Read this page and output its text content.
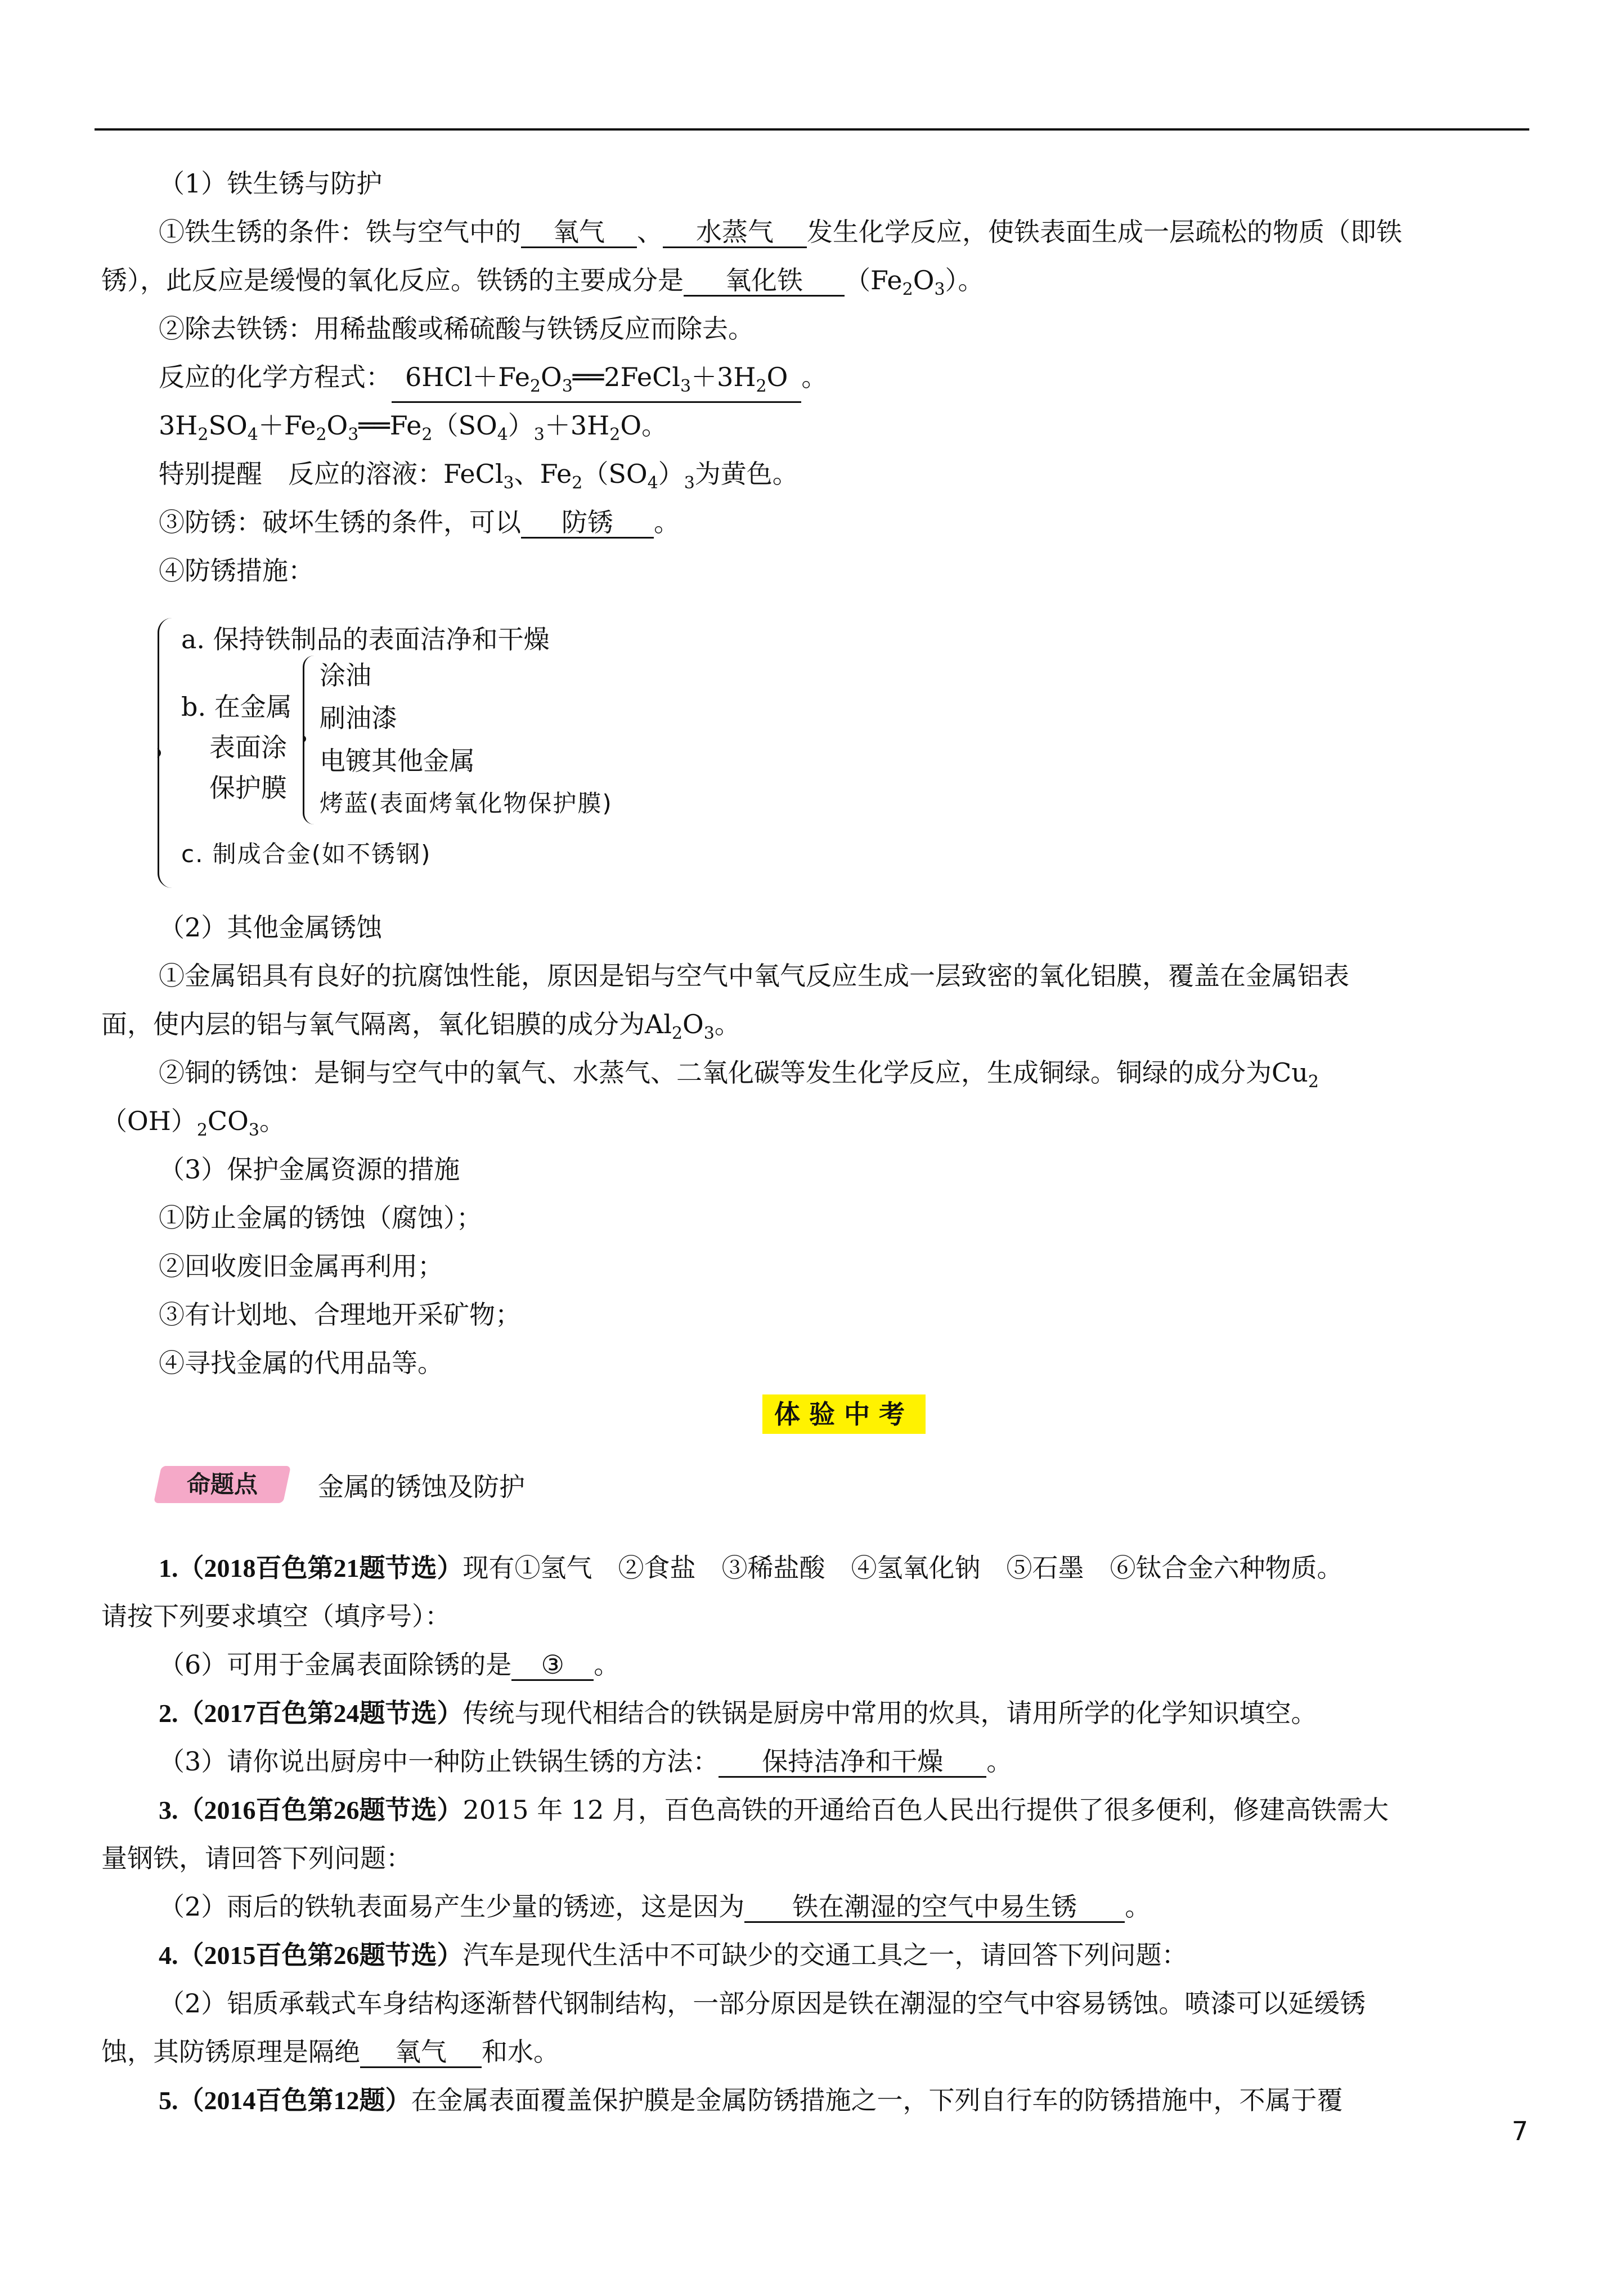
（1）铁生锈与防护
①铁生锈的条件：铁与空气中的 氧气 、 水蒸气 发生化学反应，使铁表面生成一层疏松的物质（即铁
锈），此反应是缓慢的氧化反应。铁锈的主要成分是 氧化铁 $(Fe_2O_3)$。
②除去铁锈：用稀盐酸或稀硫酸与铁锈反应而除去。
反应的化学方程式： $6HCl+Fe_2O_3══2FeCl_3+3H_2O$ 。
$3H_2SO_4+Fe_2O_3══Fe_2(SO_4)_3+3H_2O$。
特别提醒　反应的溶液：FeCl$_3$、$Fe_2(SO_4)_3$为黄色。
③防锈：破坏生锈的条件，可以 防锈 。
④防锈措施：
a. 保持铁制品的表面洁净和干燥
b. 在金属
表面涂
保护膜
涂油
刷油漆
电镀其他金属
烤蓝(表面烤氧化物保护膜)
c. 制成合金(如不锈钢)
（2）其他金属锈蚀
①金属铝具有良好的抗腐蚀性能，原因是铝与空气中氧气反应生成一层致密的氧化铝膜，覆盖在金属铝表
面，使内层的铝与氧气隔离，氧化铝膜的成分为$Al_2O_3$。
②铜的锈蚀：是铜与空气中的氧气、水蒸气、二氧化碳等发生化学反应，生成铜绿。铜绿的成分为$Cu_2$
$(OH)_2CO_3$。
（3）保护金属资源的措施
①防止金属的锈蚀（腐蚀）；
②回收废旧金属再利用；
③有计划地、合理地开采矿物；
④寻找金属的代用品等。
体验中考
命题点	金属的锈蚀及防护
1.（2018百色第21题节选）现有①氢气　②食盐　③稀盐酸　④氢氧化钠　⑤石墨　⑥钛合金六种物质。
请按下列要求填空（填序号）：
（6）可用于金属表面除锈的是 ③ 。
2.（2017百色第24题节选）传统与现代相结合的铁锅是厨房中常用的炊具，请用所学的化学知识填空。
（3）请你说出厨房中一种防止铁锅生锈的方法： 保持洁净和干燥 。
3.（2016百色第26题节选）2015 年 12 月，百色高铁的开通给百色人民出行提供了很多便利，修建高铁需大
量钢铁，请回答下列问题：
（2）雨后的铁轨表面易产生少量的锈迹，这是因为 铁在潮湿的空气中易生锈 。
4.（2015百色第26题节选）汽车是现代生活中不可缺少的交通工具之一，请回答下列问题：
（2）铝质承载式车身结构逐渐替代钢制结构，一部分原因是铁在潮湿的空气中容易锈蚀。喷漆可以延缓锈
蚀，其防锈原理是隔绝 氧气 和水。
5.（2014百色第12题）在金属表面覆盖保护膜是金属防锈措施之一，下列自行车的防锈措施中，不属于覆
7
